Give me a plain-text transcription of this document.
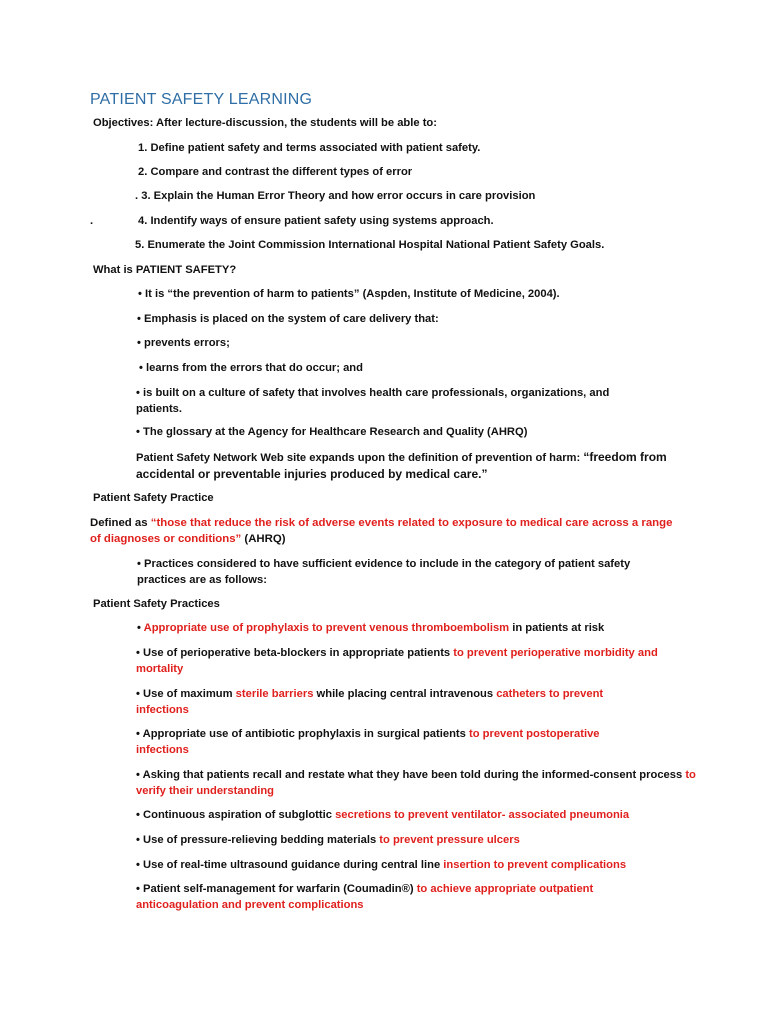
PATIENT SAFETY LEARNING
Objectives: After lecture-discussion, the students will be able to:
1. Define patient safety and terms associated with patient safety.
2. Compare and contrast the different types of error
. 3. Explain the Human Error Theory and how error occurs in care provision
.	4. Indentify ways of ensure patient safety using systems approach.
5. Enumerate the Joint Commission International Hospital National Patient Safety Goals.
What is PATIENT SAFETY?
• It is “the prevention of harm to patients” (Aspden, Institute of Medicine, 2004).
• Emphasis is placed on the system of care delivery that:
• prevents errors;
• learns from the errors that do occur; and
• is built on a culture of safety that involves health care professionals, organizations, and patients.
• The glossary at the Agency for Healthcare Research and Quality (AHRQ)
Patient Safety Network Web site expands upon the definition of prevention of harm: “freedom from accidental or preventable injuries produced by medical care.”
Patient Safety Practice
Defined as “those that reduce the risk of adverse events related to exposure to medical care across a range of diagnoses or conditions” (AHRQ)
• Practices considered to have sufficient evidence to include in the category of patient safety practices are as follows:
Patient Safety Practices
• Appropriate use of prophylaxis to prevent venous thromboembolism in patients at risk
• Use of perioperative beta-blockers in appropriate patients to prevent perioperative morbidity and mortality
• Use of maximum sterile barriers while placing central intravenous catheters to prevent infections
• Appropriate use of antibiotic prophylaxis in surgical patients to prevent postoperative infections
• Asking that patients recall and restate what they have been told during the informed-consent process to verify their understanding
• Continuous aspiration of subglottic secretions to prevent ventilator- associated pneumonia
• Use of pressure-relieving bedding materials to prevent pressure ulcers
• Use of real-time ultrasound guidance during central line insertion to prevent complications
• Patient self-management for warfarin (Coumadin®) to achieve appropriate outpatient anticoagulation and prevent complications
